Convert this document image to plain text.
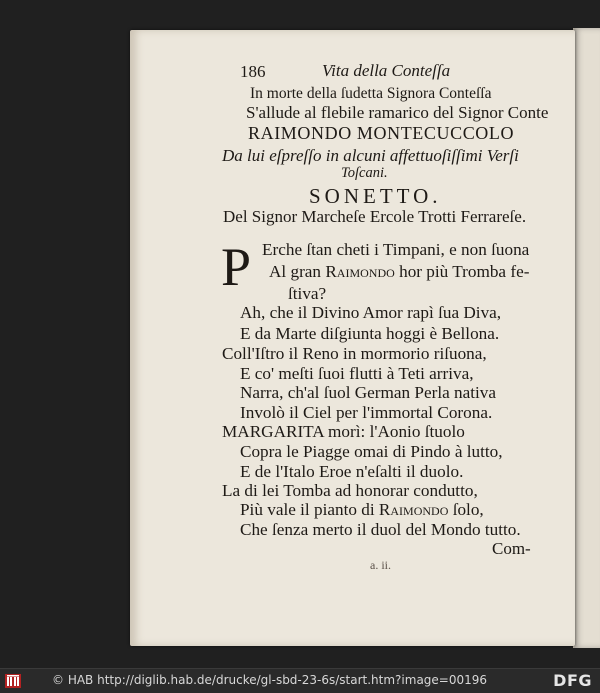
186	Vita della Conteſſa
In morte della ſudetta Signora Conteſſa
S'allude al flebile ramarico del Signor Conte
RAIMONDO MONTECUCCOLO
Da lui eſpreſſo in alcuni affettuoſiſſimi Verſi
Toſcani.
SONETTO.
Del Signor Marcheſe Ercole Trotti Ferrareſe.
P Erche ſtan cheti i Timpani, e non ſuona
Al gran Raimondo hor più Tromba fe-
ſtiva?
Ah, che il Divino Amor rapì ſua Diva,
E da Marte diſgiunta hoggi è Bellona.
Coll'Iſtro il Reno in mormorio riſuona,
E co' meſti ſuoi flutti à Teti arriva,
Narra, ch'al ſuol German Perla nativa
Involò il Ciel per l'immortal Corona.
MARGARITA morì: l'Aonio ſtuolo
Copra le Piagge omai di Pindo à lutto,
E de l'Italo Eroe n'eſalti il duolo.
La di lei Tomba ad honorar condutto,
Più vale il pianto di Raimondo ſolo,
Che ſenza merto il duol del Mondo tutto.
Com-
a. ii.
© HAB http://diglib.hab.de/drucke/gl-sbd-23-6s/start.htm?image=00196	DFG
